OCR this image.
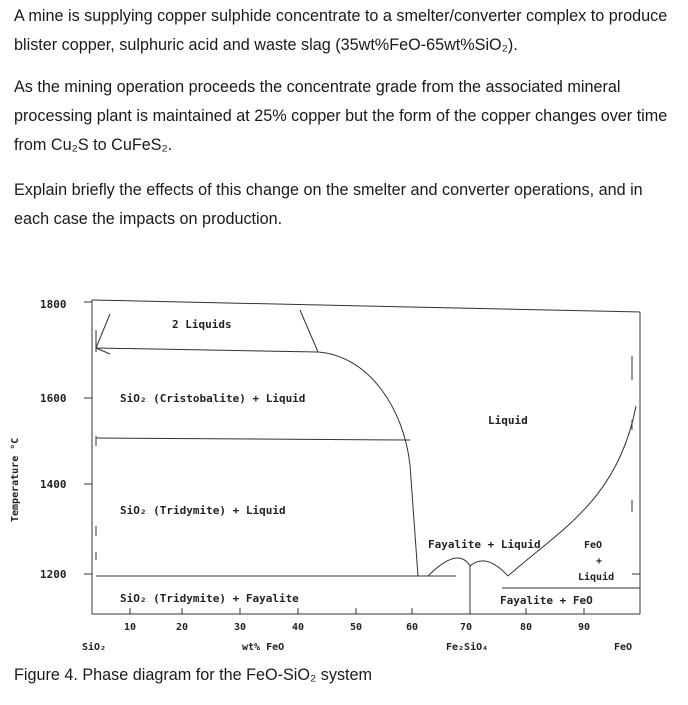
A mine is supplying copper sulphide concentrate to a smelter/converter complex to produce blister copper, sulphuric acid and waste slag (35wt%FeO-65wt%SiO₂).

As the mining operation proceeds the concentrate grade from the associated mineral processing plant is maintained at 25% copper but the form of the copper changes over time from Cu₂S to CuFeS₂.

Explain briefly the effects of this change on the smelter and converter operations, and in each case the impacts on production.

1800
1600
1400
1200
10	20	30	40	50	60	70	80	90
SiO₂	wt% FeO	Fe₂SiO₄	FeO
Temperature °C
2 Liquids
SiO₂ (Cristobalite) + Liquid
Liquid
SiO₂ (Tridymite) + Liquid
Fayalite + Liquid	FeO
+
Liquid
SiO₂ (Tridymite) + Fayalite	Fayalite + FeO

Figure 4. Phase diagram for the FeO-SiO₂ system
